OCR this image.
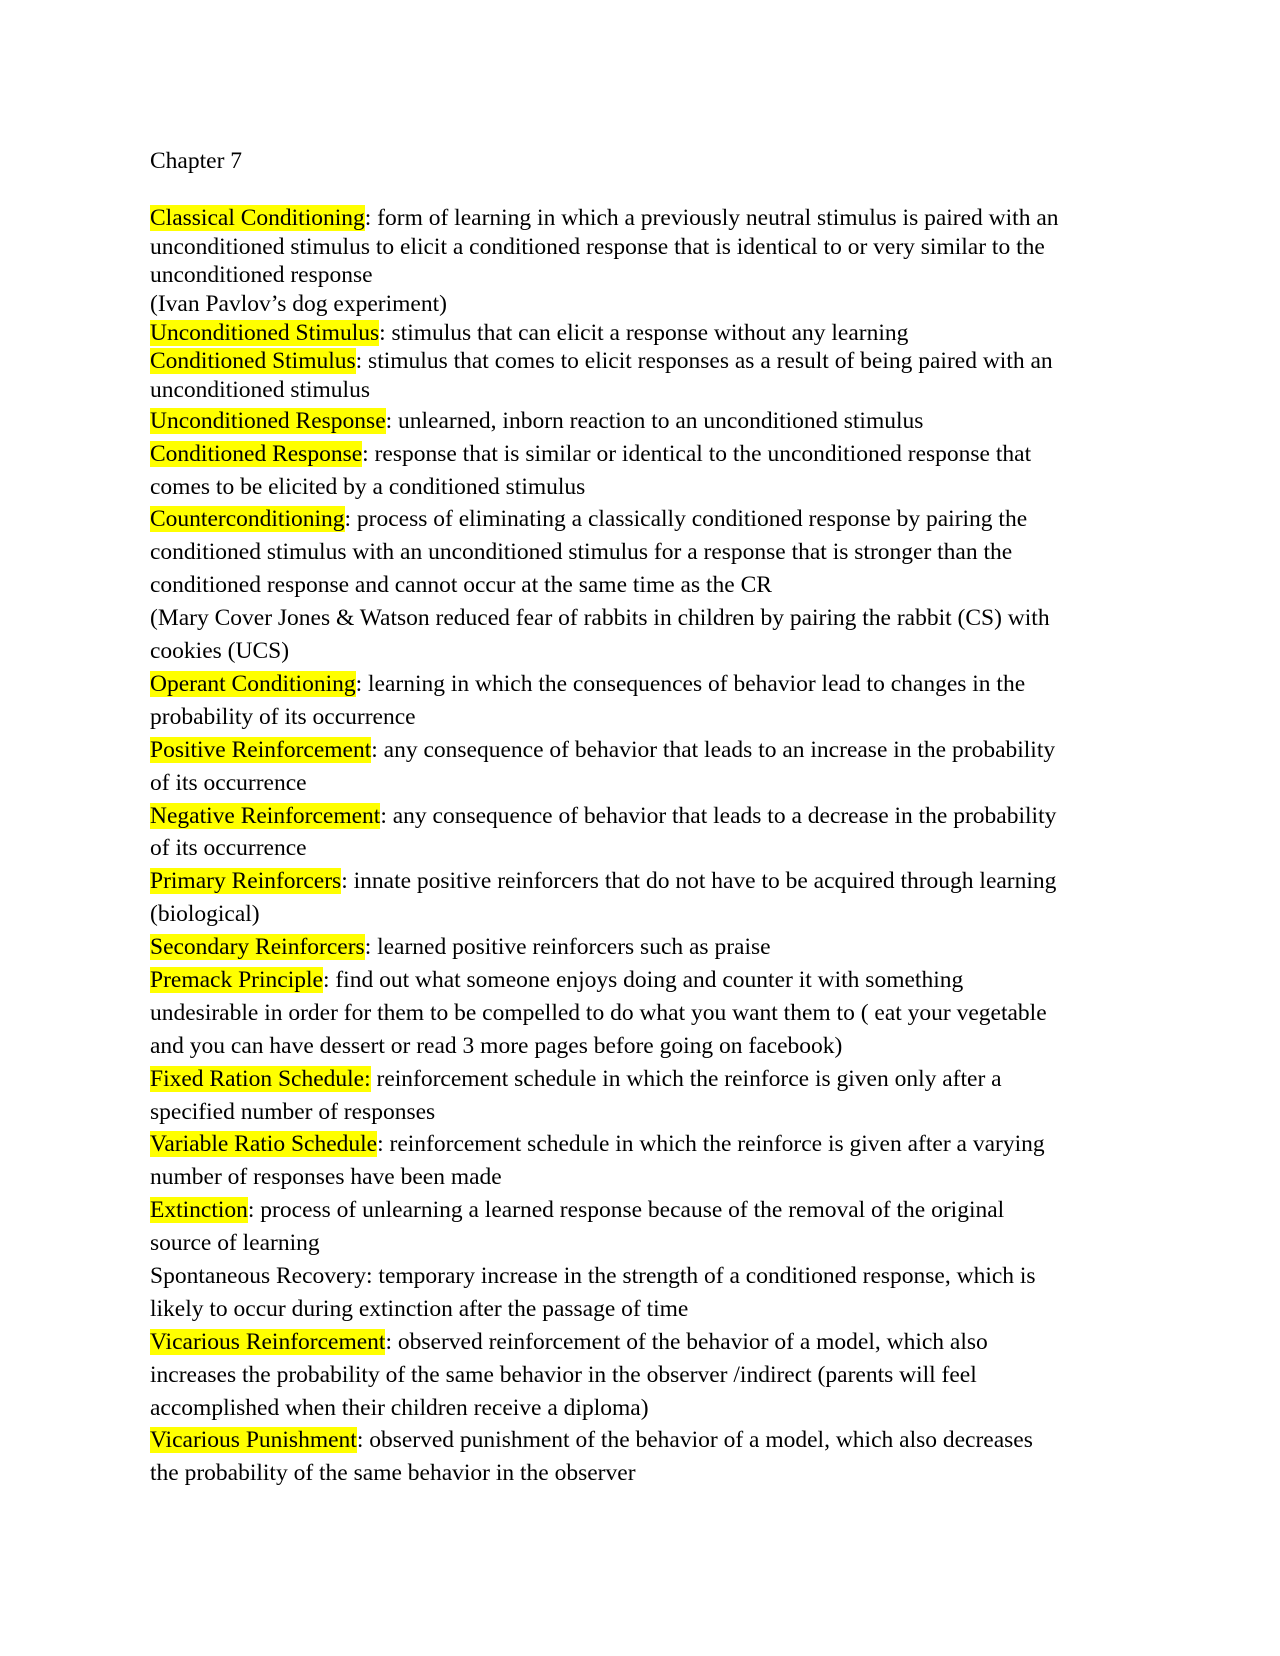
Chapter 7

Classical Conditioning: form of learning in which a previously neutral stimulus is paired with an

unconditioned stimulus to elicit a conditioned response that is identical to or very similar to the

unconditioned response

(Ivan Pavlov’s dog experiment)

Unconditioned Stimulus: stimulus that can elicit a response without any learning

Conditioned Stimulus: stimulus that comes to elicit responses as a result of being paired with an

unconditioned stimulus

Unconditioned Response: unlearned, inborn reaction to an unconditioned stimulus

Conditioned Response: response that is similar or identical to the unconditioned response that

comes to be elicited by a conditioned stimulus

Counterconditioning: process of eliminating a classically conditioned response by pairing the

conditioned stimulus with an unconditioned stimulus for a response that is stronger than the

conditioned response and cannot occur at the same time as the CR

(Mary Cover Jones & Watson reduced fear of rabbits in children by pairing the rabbit (CS) with

cookies (UCS)

Operant Conditioning: learning in which the consequences of behavior lead to changes in the

probability of its occurrence

Positive Reinforcement: any consequence of behavior that leads to an increase in the probability

of its occurrence

Negative Reinforcement: any consequence of behavior that leads to a decrease in the probability

of its occurrence

Primary Reinforcers: innate positive reinforcers that do not have to be acquired through learning

(biological)

Secondary Reinforcers: learned positive reinforcers such as praise

Premack Principle: find out what someone enjoys doing and counter it with something

undesirable in order for them to be compelled to do what you want them to ( eat your vegetable

and you can have dessert or read 3 more pages before going on facebook)

Fixed Ration Schedule: reinforcement schedule in which the reinforce is given only after a

specified number of responses

Variable Ratio Schedule: reinforcement schedule in which the reinforce is given after a varying

number of responses have been made

Extinction: process of unlearning a learned response because of the removal of the original

source of learning

Spontaneous Recovery: temporary increase in the strength of a conditioned response, which is

likely to occur during extinction after the passage of time

Vicarious Reinforcement: observed reinforcement of the behavior of a model, which also

increases the probability of the same behavior in the observer /indirect (parents will feel

accomplished when their children receive a diploma)

Vicarious Punishment: observed punishment of the behavior of a model, which also decreases

the probability of the same behavior in the observer
